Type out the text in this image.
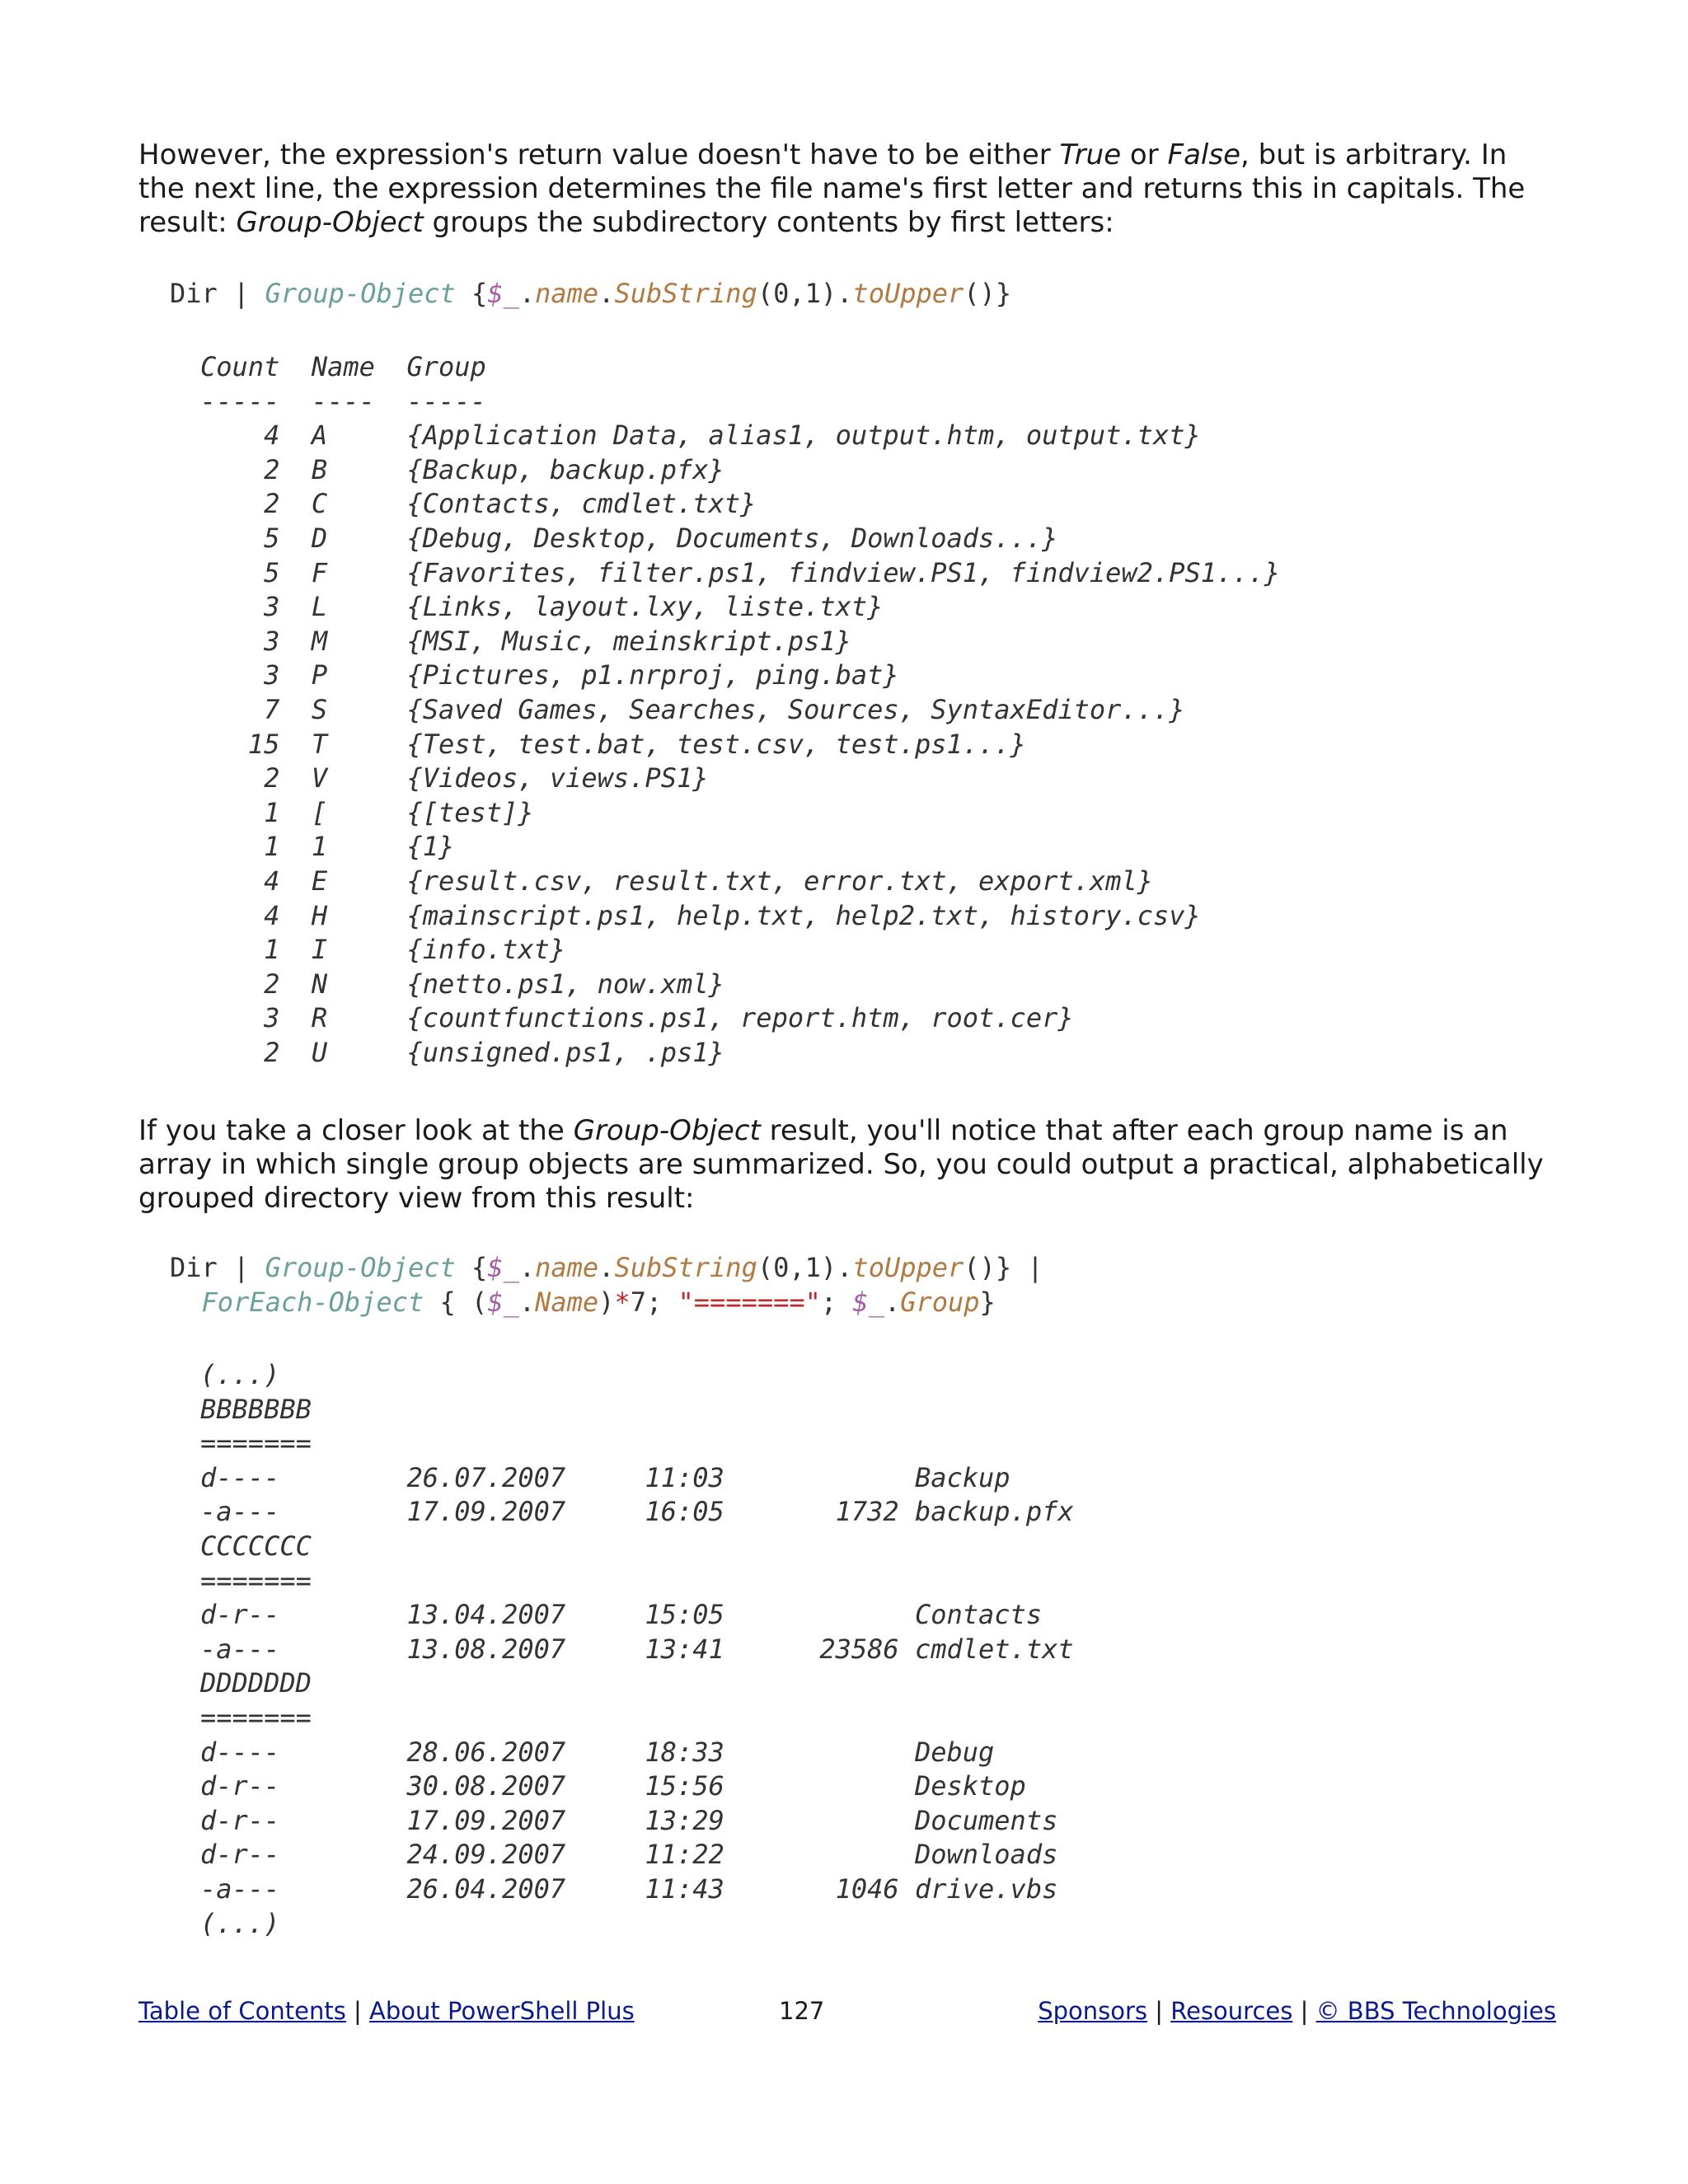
However, the expression's return value doesn't have to be either True or False, but is arbitrary. In the next line, the expression determines the file name's first letter and returns this in capitals. The result: Group-Object groups the subdirectory contents by first letters:

Dir | Group-Object {$_.name.SubString(0,1).toUpper()}
Count Name Group
----- ---- -----
4 A	{Application Data, alias1, output.htm, output.txt}
2 B	{Backup, backup.pfx}
2 C	{Contacts, cmdlet.txt}
5 D	{Debug, Desktop, Documents, Downloads...}
5 F	{Favorites, filter.ps1, findview.PS1, findview2.PS1...}
3 L	{Links, layout.lxy, liste.txt}
3 M	{MSI, Music, meinskript.ps1}
3 P	{Pictures, p1.nrproj, ping.bat}
7 S	{Saved Games, Searches, Sources, SyntaxEditor...}
15 T	{Test, test.bat, test.csv, test.ps1...}
2 V	{Videos, views.PS1}
1 [	{[test]}
1 1	{1}
4 E	{result.csv, result.txt, error.txt, export.xml}
4 H	{mainscript.ps1, help.txt, help2.txt, history.csv}
1 I	{info.txt}
2 N	{netto.ps1, now.xml}
3 R	{countfunctions.ps1, report.htm, root.cer}
2 U	{unsigned.ps1, .ps1}

If you take a closer look at the Group-Object result, you'll notice that after each group name is an array in which single group objects are summarized. So, you could output a practical, alphabetically grouped directory view from this result:

Dir | Group-Object {$_.name.SubString(0,1).toUpper()} |
ForEach-Object { ($_.Name)*7; "======="; $_.Group}
(...)
BBBBBBB
=======
d----        26.07.2007     11:03            Backup
-a---        17.09.2007     16:05       1732 backup.pfx
CCCCCCC
=======
d-r--        13.04.2007     15:05            Contacts
-a---        13.08.2007     13:41      23586 cmdlet.txt
DDDDDDD
=======
d----        28.06.2007     18:33            Debug
d-r--        30.08.2007     15:56            Desktop
d-r--        17.09.2007     13:29            Documents
d-r--        24.09.2007     11:22            Downloads
-a---        26.04.2007     11:43       1046 drive.vbs
(...)
Table of Contents | About PowerShell Plus	127	Sponsors | Resources | © BBS Technologies
